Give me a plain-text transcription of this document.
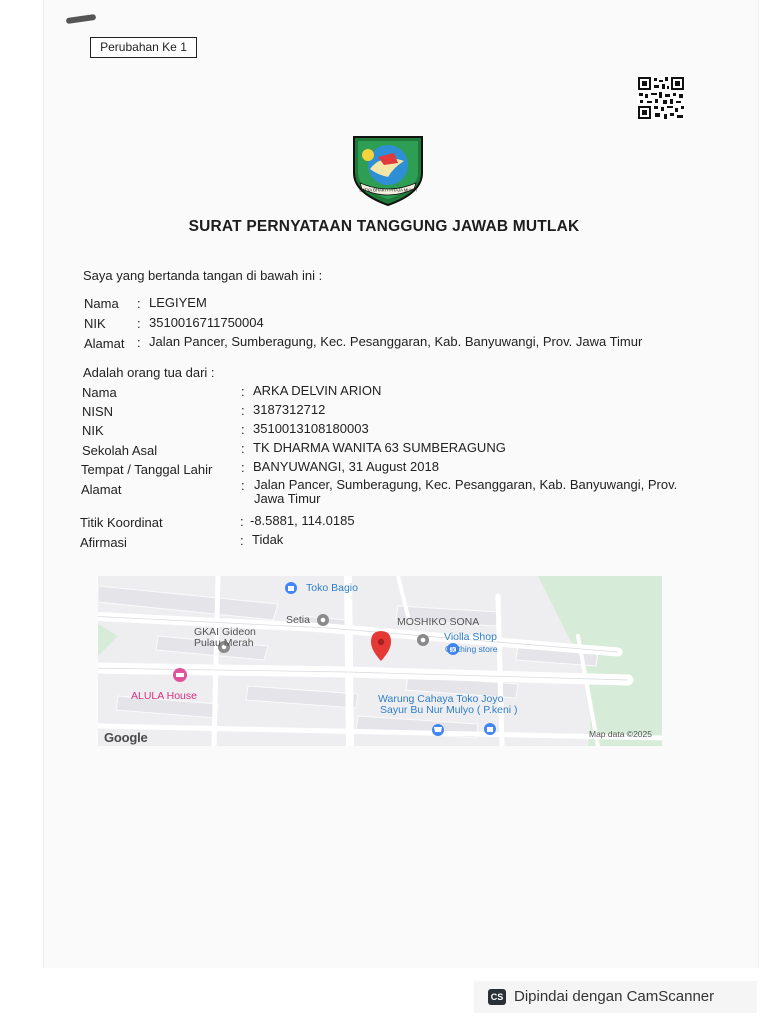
Perubahan Ke 1
SATYA BHAKTI PRAJA MUKTI
SURAT PERNYATAAN TANGGUNG JAWAB MUTLAK
Saya yang bertanda tangan di bawah ini :
Nama : LEGIYEM
NIK : 3510016711750004
Alamat : Jalan Pancer, Sumberagung, Kec. Pesanggaran, Kab. Banyuwangi, Prov. Jawa Timur
Adalah orang tua dari :
Nama	: ARKA DELVIN ARION
NISN	: 3187312712
NIK	: 3510013108180003
Sekolah Asal	: TK DHARMA WANITA 63 SUMBERAGUNG
Tempat / Tanggal Lahir : BANYUWANGI, 31 August 2018
Alamat	: Jalan Pancer, Sumberagung, Kec. Pesanggaran, Kab. Banyuwangi, Prov.
Jawa Timur
Titik Koordinat	: -8.5881, 114.0185
Afirmasi	: Tidak
Toko Bagio
Setia	MOSHIKO SONA
Violla Shop
Clothing store
GKAI Gideon
Pulau Merah
ALULA House	Warung Cahaya Toko Joyo
Sayur Bu Nur Mulyo ( P.keni )
Google	Map data ©2025
CS Dipindai dengan CamScanner
